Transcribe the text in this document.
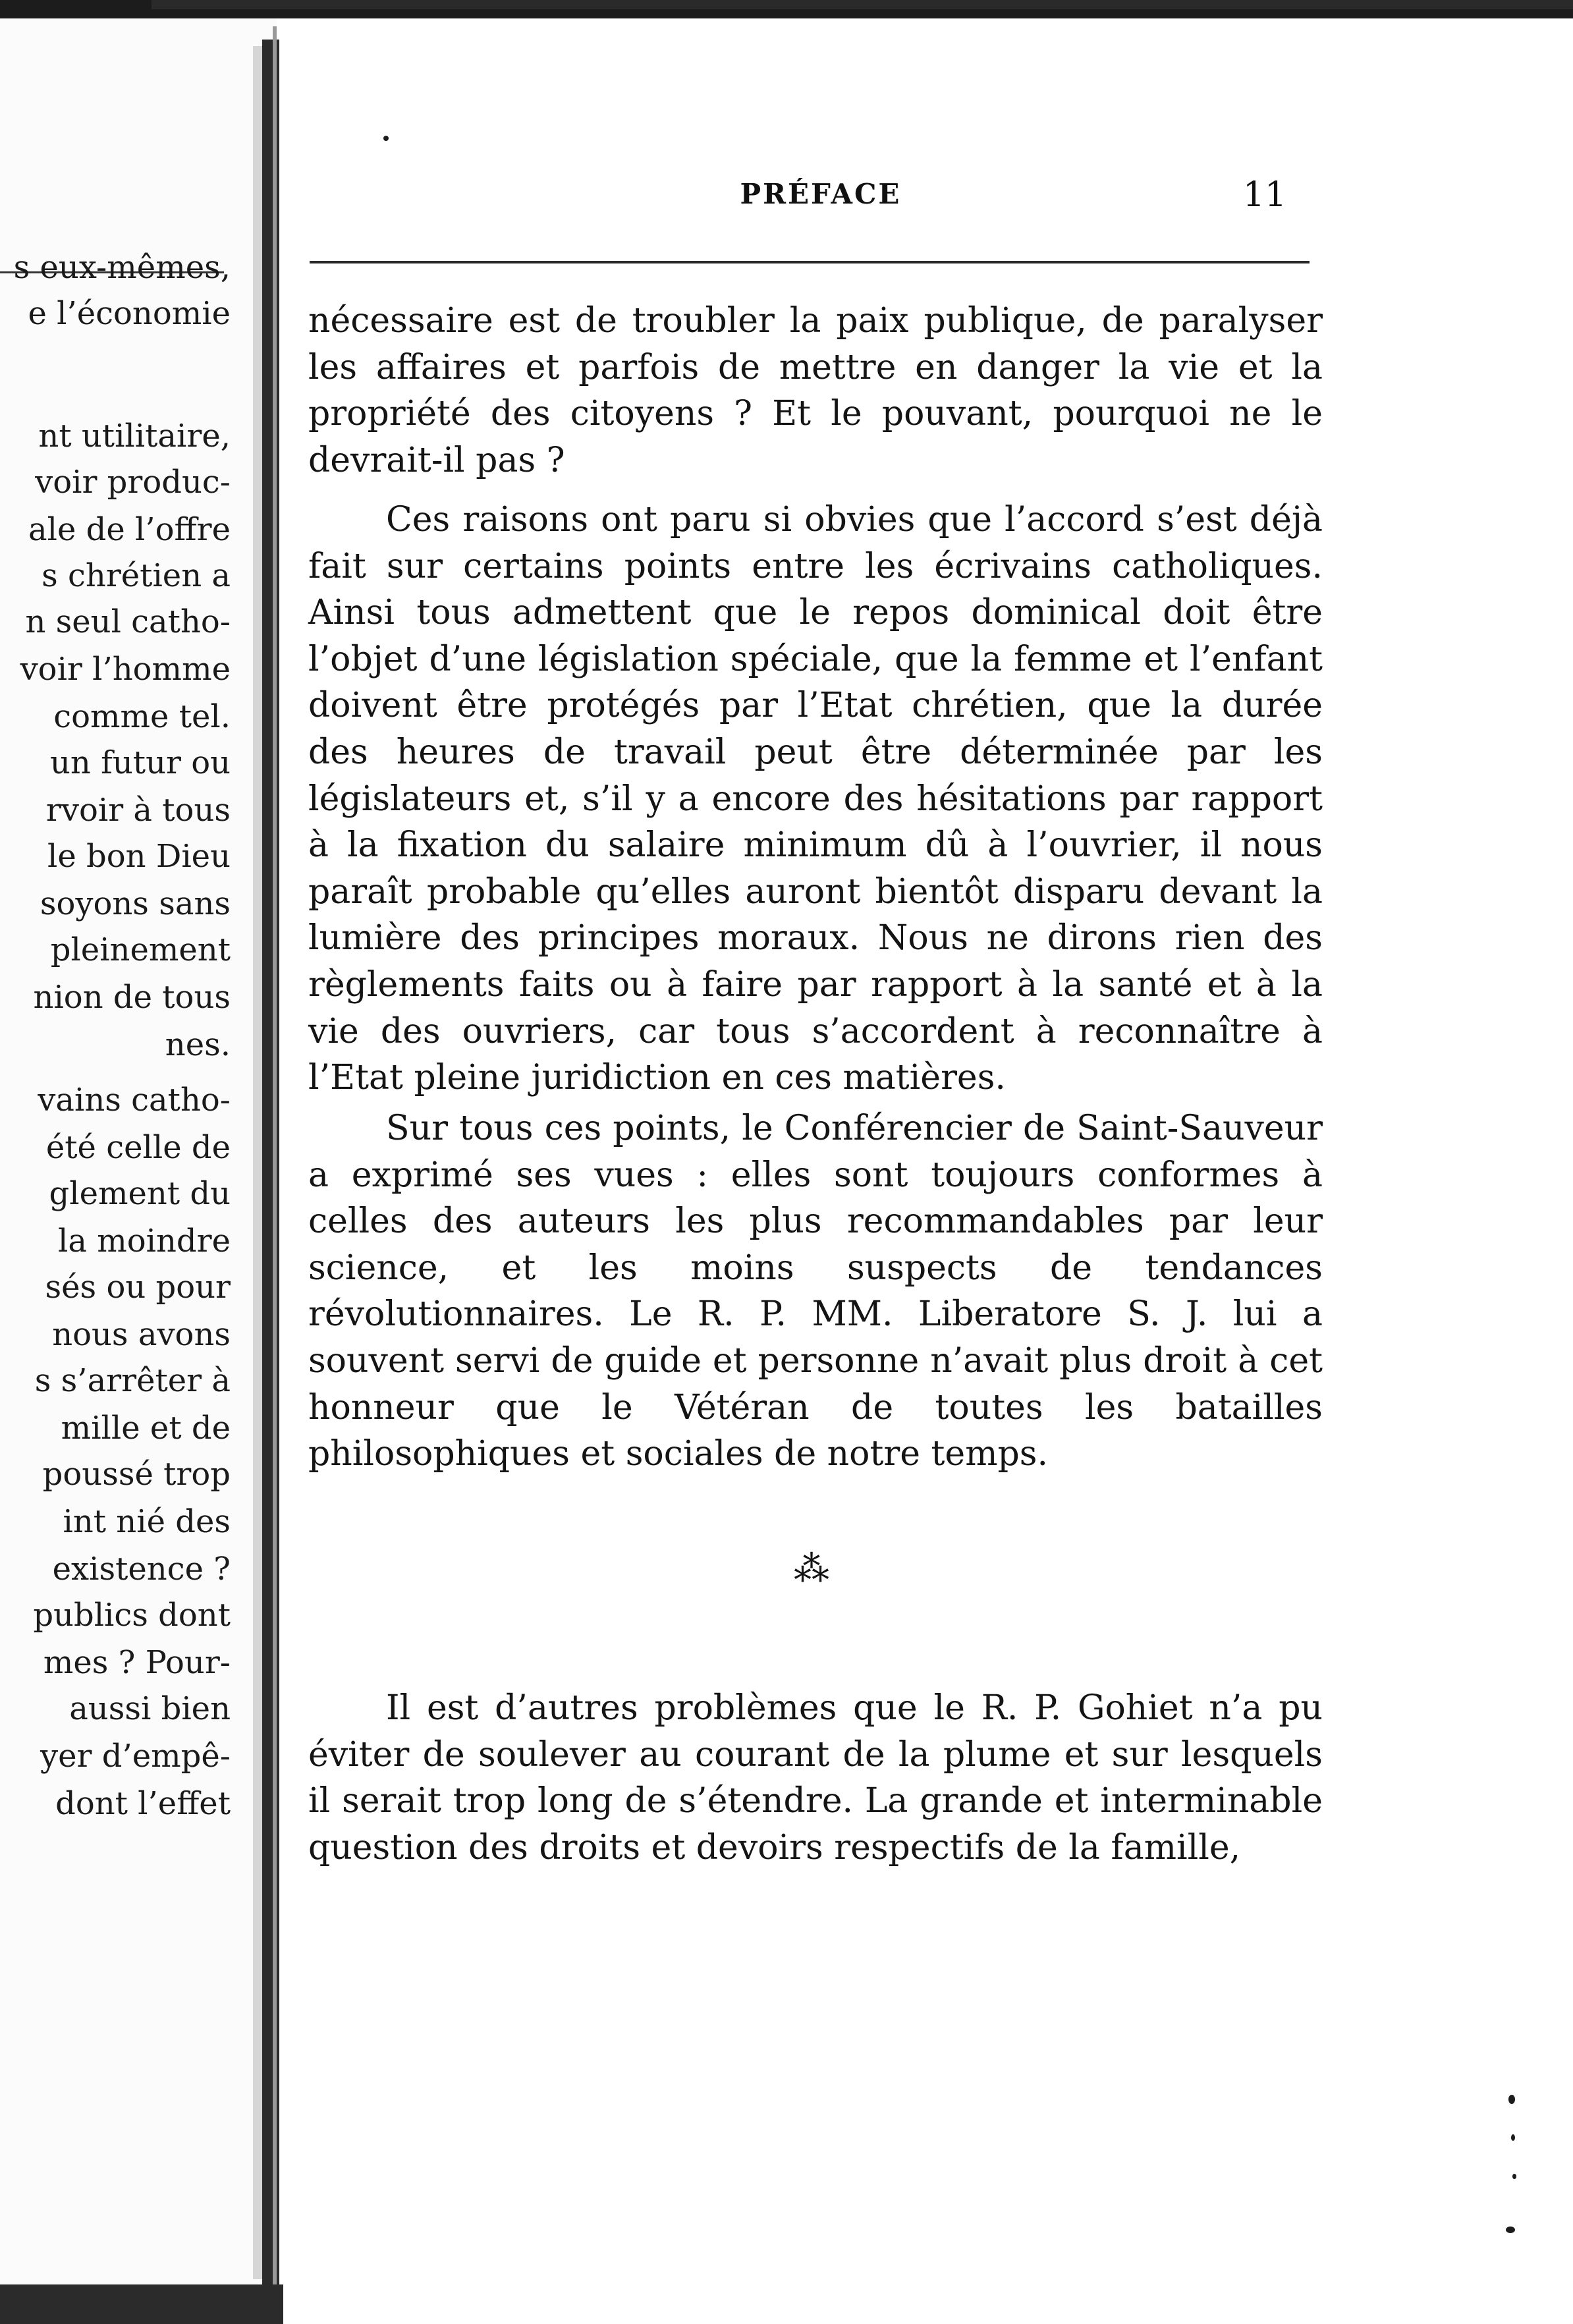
s eux-mêmes,
e l’économie
nt utilitaire,
voir produc-
ale de l’offre
s chrétien a
n seul catho-
voir l’homme
comme tel.
un futur ou
rvoir à tous
le bon Dieu
soyons sans
pleinement
nion de tous
nes.
vains catho-
été celle de
glement du
la moindre
sés ou pour
nous avons
s s’arrêter à
mille et de
poussé trop
int nié des
existence ?
publics dont
mes ? Pour-
aussi bien
yer d’empê-
dont l’effet
PRÉFACE	11

nécessaire est de troubler la paix publique, de paralyser les affaires et parfois de mettre en danger la vie et la propriété des citoyens ? Et le pouvant, pourquoi ne le devrait-il pas ?

Ces raisons ont paru si obvies que l’accord s’est déjà fait sur certains points entre les écrivains catholiques. Ainsi tous admettent que le repos dominical doit être l’objet d’une législation spéciale, que la femme et l’enfant doivent être protégés par l’Etat chrétien, que la durée des heures de travail peut être déterminée par les législateurs et, s’il y a encore des hésitations par rapport à la fixation du salaire minimum dû à l’ouvrier, il nous paraît probable qu’elles auront bientôt disparu devant la lumière des principes moraux. Nous ne dirons rien des règlements faits ou à faire par rapport à la santé et à la vie des ouvriers, car tous s’accordent à reconnaître à l’Etat pleine juridiction en ces matières.

Sur tous ces points, le Conférencier de Saint-Sauveur a exprimé ses vues : elles sont toujours conformes à celles des auteurs les plus recommandables par leur science, et les moins suspects de tendances révolutionnaires. Le R. P. MM. Liberatore S. J. lui a souvent servi de guide et personne n’avait plus droit à cet honneur que le Vétéran de toutes les batailles philosophiques et sociales de notre temps.

⁂

Il est d’autres problèmes que le R. P. Gohiet n’a pu éviter de soulever au courant de la plume et sur lesquels il serait trop long de s’étendre. La grande et interminable question des droits et devoirs respectifs de la famille,
